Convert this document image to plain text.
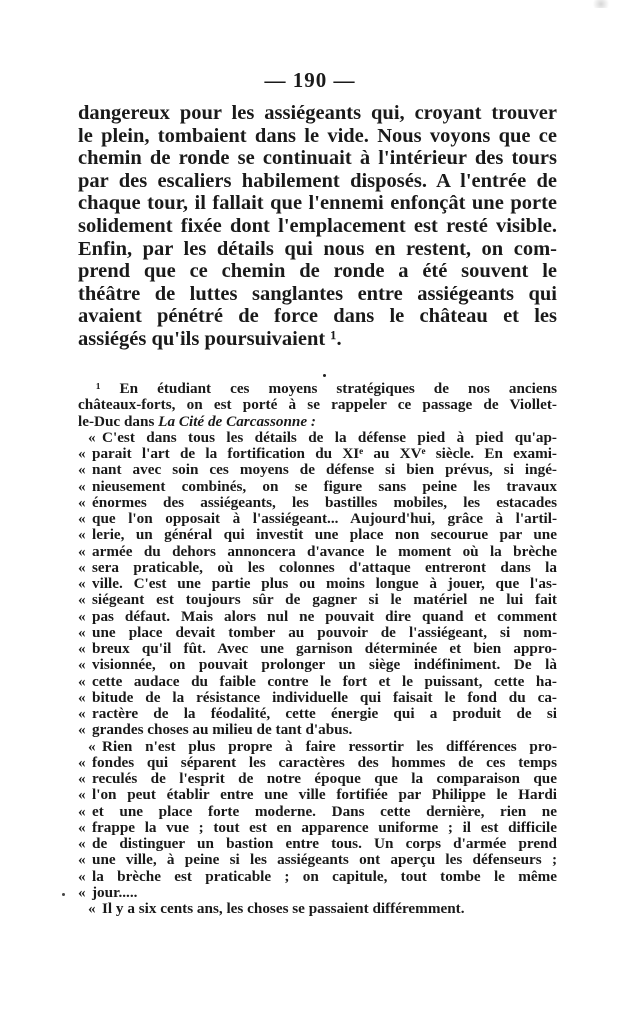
— 190 —
dangereux pour les assiégeants qui, croyant trouver
le plein, tombaient dans le vide. Nous voyons que ce
chemin de ronde se continuait à l'intérieur des tours
par des escaliers habilement disposés. A l'entrée de
chaque tour, il fallait que l'ennemi enfonçât une porte
solidement fixée dont l'emplacement est resté visible.
Enfin, par les détails qui nous en restent, on com-
prend que ce chemin de ronde a été souvent le
théâtre de luttes sanglantes entre assiégeants qui
avaient pénétré de force dans le château et les
assiégés qu'ils poursuivaient ¹.
¹ En étudiant ces moyens stratégiques de nos anciens
châteaux-forts, on est porté à se rappeler ce passage de Viollet-
le-Duc dans La Cité de Carcassonne :
« C'est dans tous les détails de la défense pied à pied qu'ap-
« parait l'art de la fortification du XIᵉ au XVᵉ siècle. En exami-
« nant avec soin ces moyens de défense si bien prévus, si ingé-
« nieusement combinés, on se figure sans peine les travaux
« énormes des assiégeants, les bastilles mobiles, les estacades
« que l'on opposait à l'assiégeant... Aujourd'hui, grâce à l'artil-
« lerie, un général qui investit une place non secourue par une
« armée du dehors annoncera d'avance le moment où la brèche
« sera praticable, où les colonnes d'attaque entreront dans la
« ville. C'est une partie plus ou moins longue à jouer, que l'as-
« siégeant est toujours sûr de gagner si le matériel ne lui fait
« pas défaut. Mais alors nul ne pouvait dire quand et comment
« une place devait tomber au pouvoir de l'assiégeant, si nom-
« breux qu'il fût. Avec une garnison déterminée et bien appro-
« visionnée, on pouvait prolonger un siège indéfiniment. De là
« cette audace du faible contre le fort et le puissant, cette ha-
« bitude de la résistance individuelle qui faisait le fond du ca-
« ractère de la féodalité, cette énergie qui a produit de si
« grandes choses au milieu de tant d'abus.
« Rien n'est plus propre à faire ressortir les différences pro-
« fondes qui séparent les caractères des hommes de ces temps
« reculés de l'esprit de notre époque que la comparaison que
« l'on peut établir entre une ville fortifiée par Philippe le Hardi
« et une place forte moderne. Dans cette dernière, rien ne
« frappe la vue ; tout est en apparence uniforme ; il est difficile
« de distinguer un bastion entre tous. Un corps d'armée prend
« une ville, à peine si les assiégeants ont aperçu les défenseurs ;
« la brèche est praticable ; on capitule, tout tombe le même
« jour.....
« Il y a six cents ans, les choses se passaient différemment.
